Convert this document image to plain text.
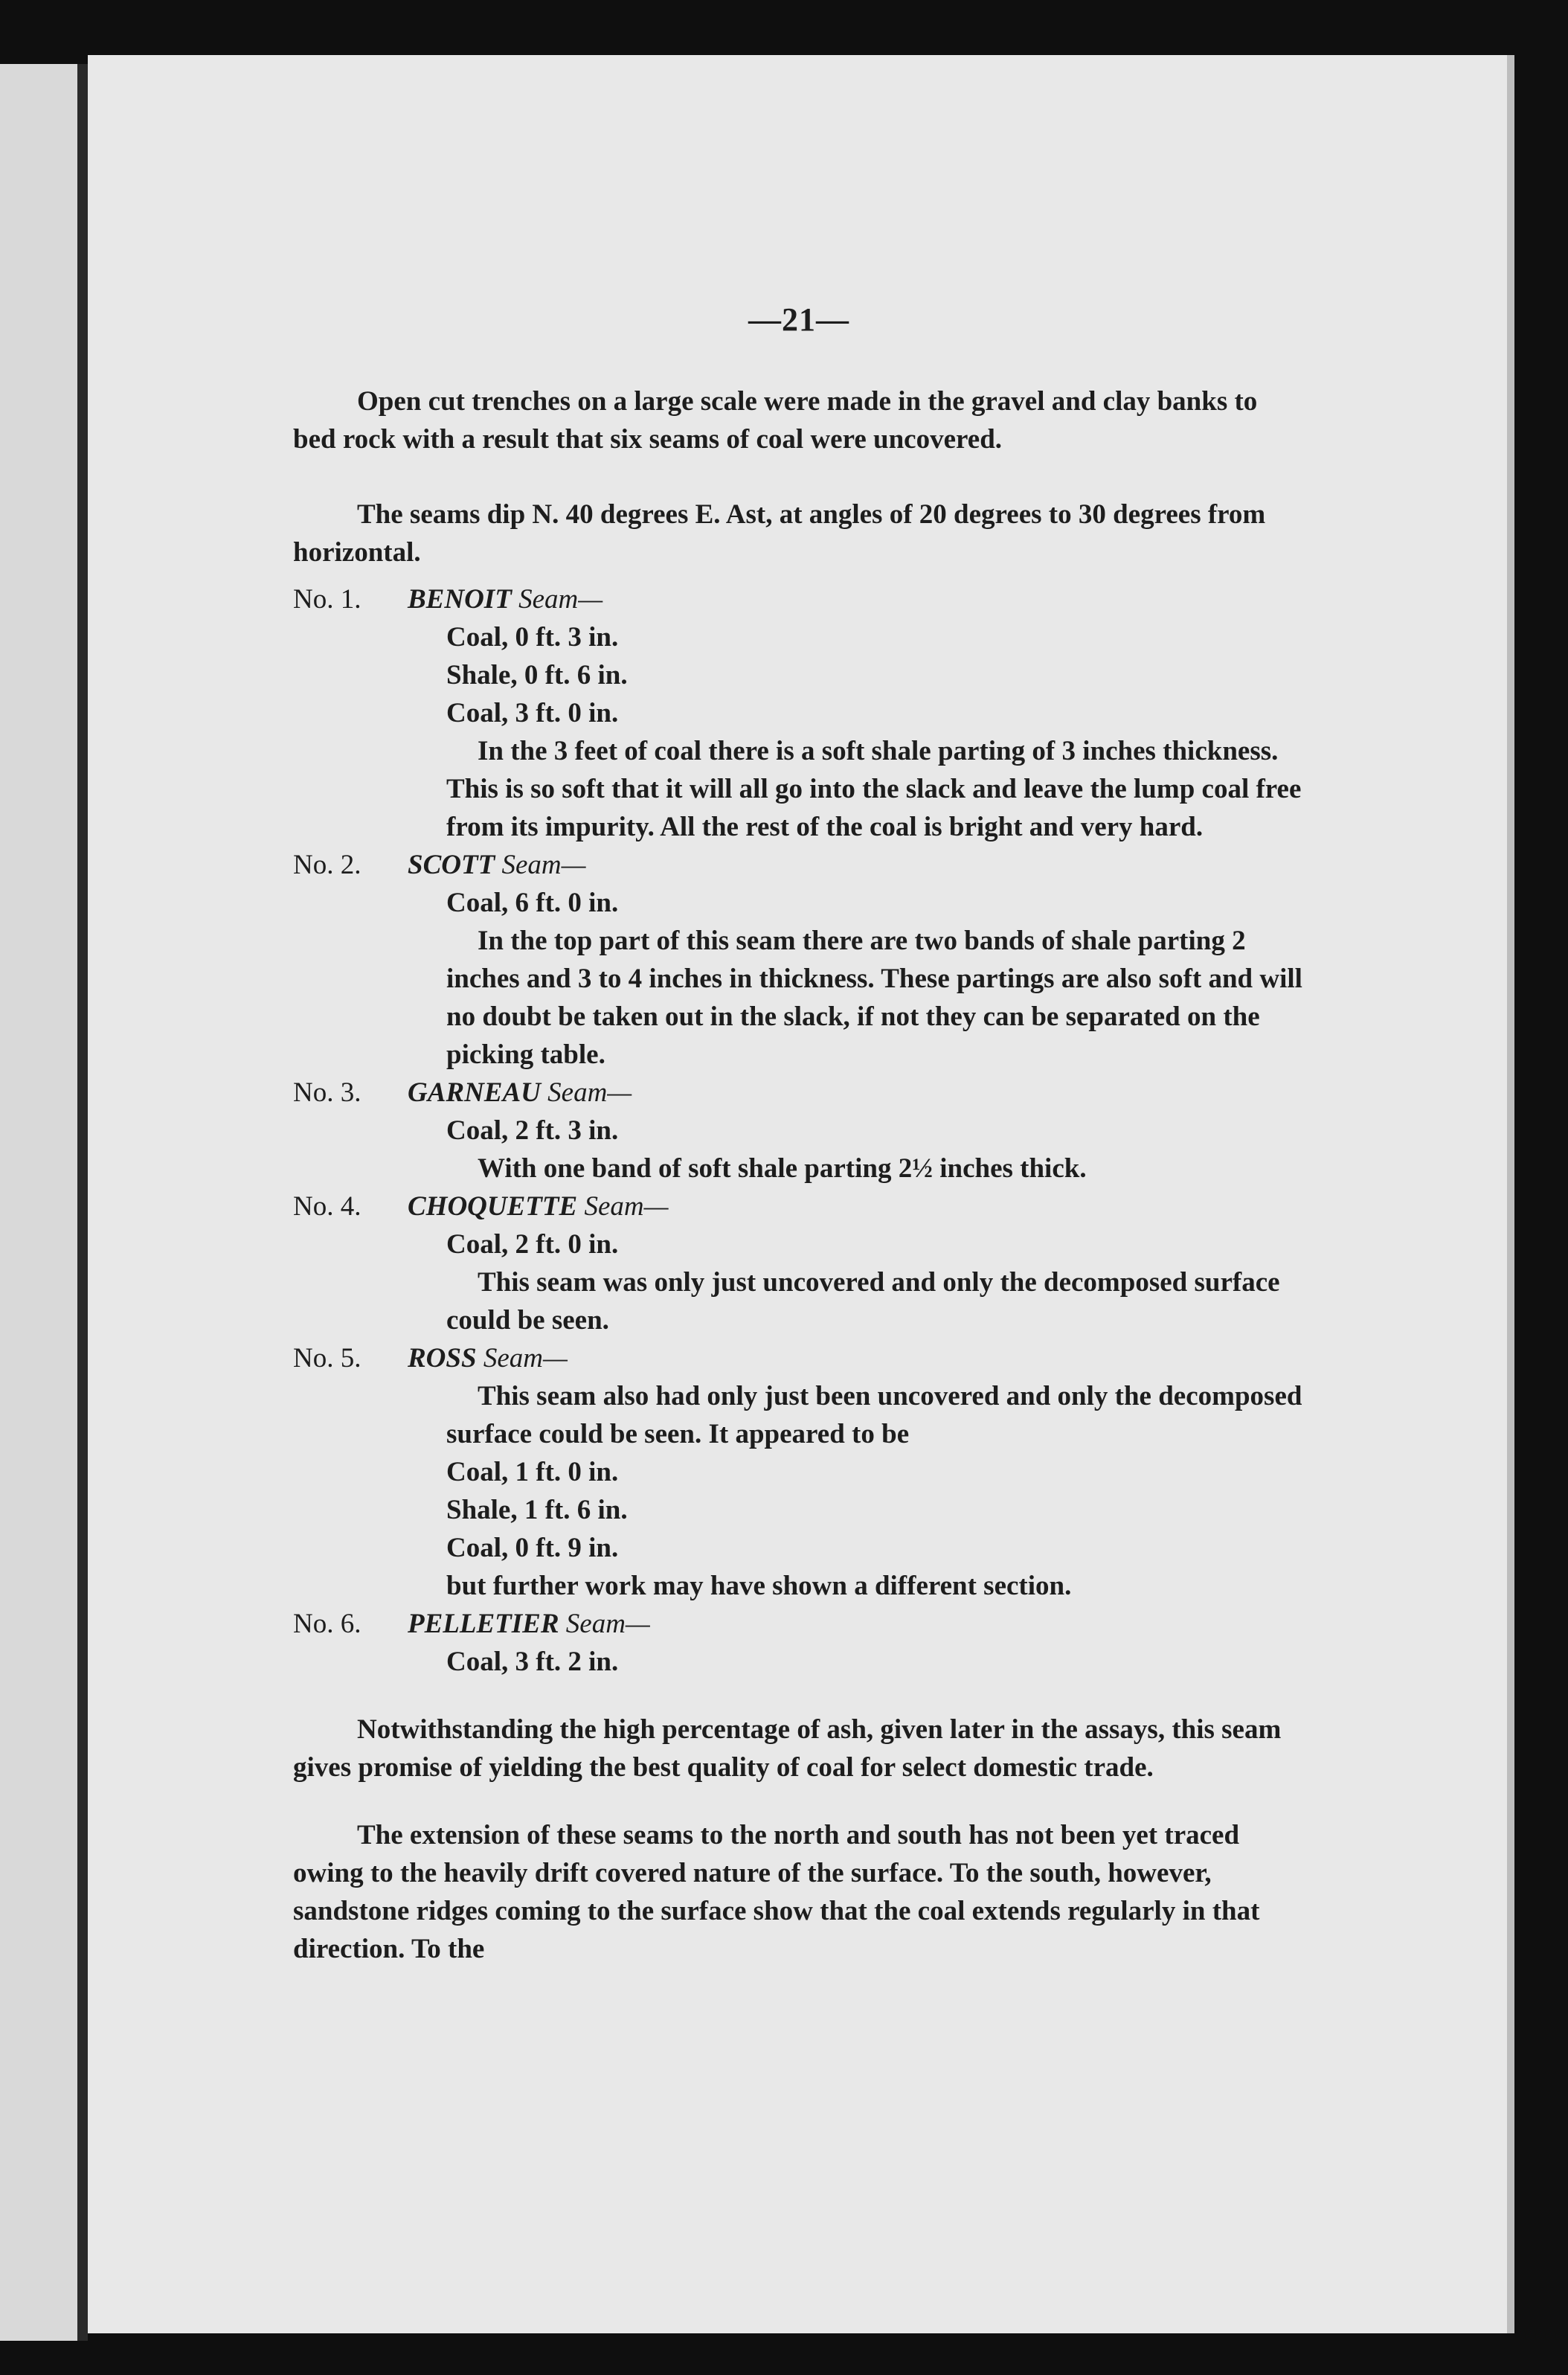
—21—

Open cut trenches on a large scale were made in the gravel and clay banks to bed rock with a result that six seams of coal were uncovered.

The seams dip N. 40 degrees E. Ast, at angles of 20 degrees to 30 degrees from horizontal.

No. 1. BENOIT Seam—
Coal, 0 ft. 3 in.
Shale, 0 ft. 6 in.
Coal, 3 ft. 0 in.
In the 3 feet of coal there is a soft shale parting of 3 inches thickness. This is so soft that it will all go into the slack and leave the lump coal free from its impurity. All the rest of the coal is bright and very hard.
No. 2. SCOTT Seam—
Coal, 6 ft. 0 in.
In the top part of this seam there are two bands of shale parting 2 inches and 3 to 4 inches in thickness. These partings are also soft and will no doubt be taken out in the slack, if not they can be separated on the picking table.
No. 3. GARNEAU Seam—
Coal, 2 ft. 3 in.
With one band of soft shale parting 2½ inches thick.
No. 4. CHOQUETTE Seam—
Coal, 2 ft. 0 in.
This seam was only just uncovered and only the decomposed surface could be seen.
No. 5. ROSS Seam—
This seam also had only just been uncovered and only the decomposed surface could be seen. It appeared to be
Coal, 1 ft. 0 in.
Shale, 1 ft. 6 in.
Coal, 0 ft. 9 in.
but further work may have shown a different section.
No. 6. PELLETIER Seam—
Coal, 3 ft. 2 in.

Notwithstanding the high percentage of ash, given later in the assays, this seam gives promise of yielding the best quality of coal for select domestic trade.

The extension of these seams to the north and south has not been yet traced owing to the heavily drift covered nature of the surface. To the south, however, sandstone ridges coming to the surface show that the coal extends regularly in that direction. To the
